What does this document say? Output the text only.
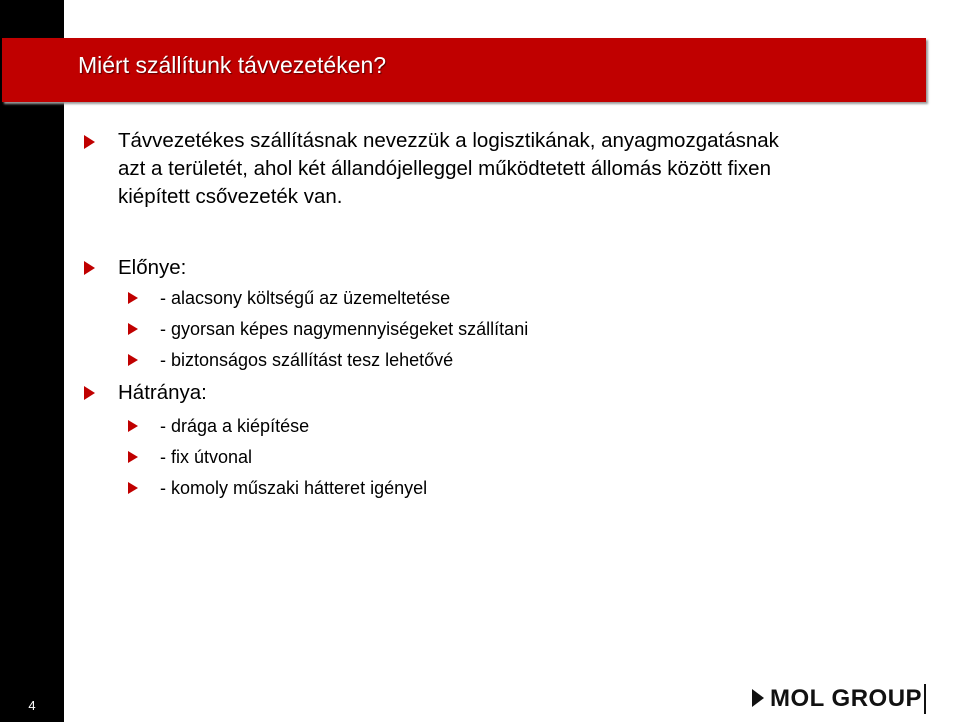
4
Miért szállítunk távvezetéken?
Távvezetékes szállításnak nevezzük a logisztikának, anyagmozgatásnak
azt a területét, ahol két állandójelleggel működtetett állomás között fixen
kiépített csővezeték van.
Előnye:
- alacsony költségű az üzemeltetése
- gyorsan képes nagymennyiségeket szállítani
- biztonságos szállítást tesz lehetővé
Hátránya:
- drága a kiépítése
- fix útvonal
- komoly műszaki hátteret igényel
MOL GROUP
